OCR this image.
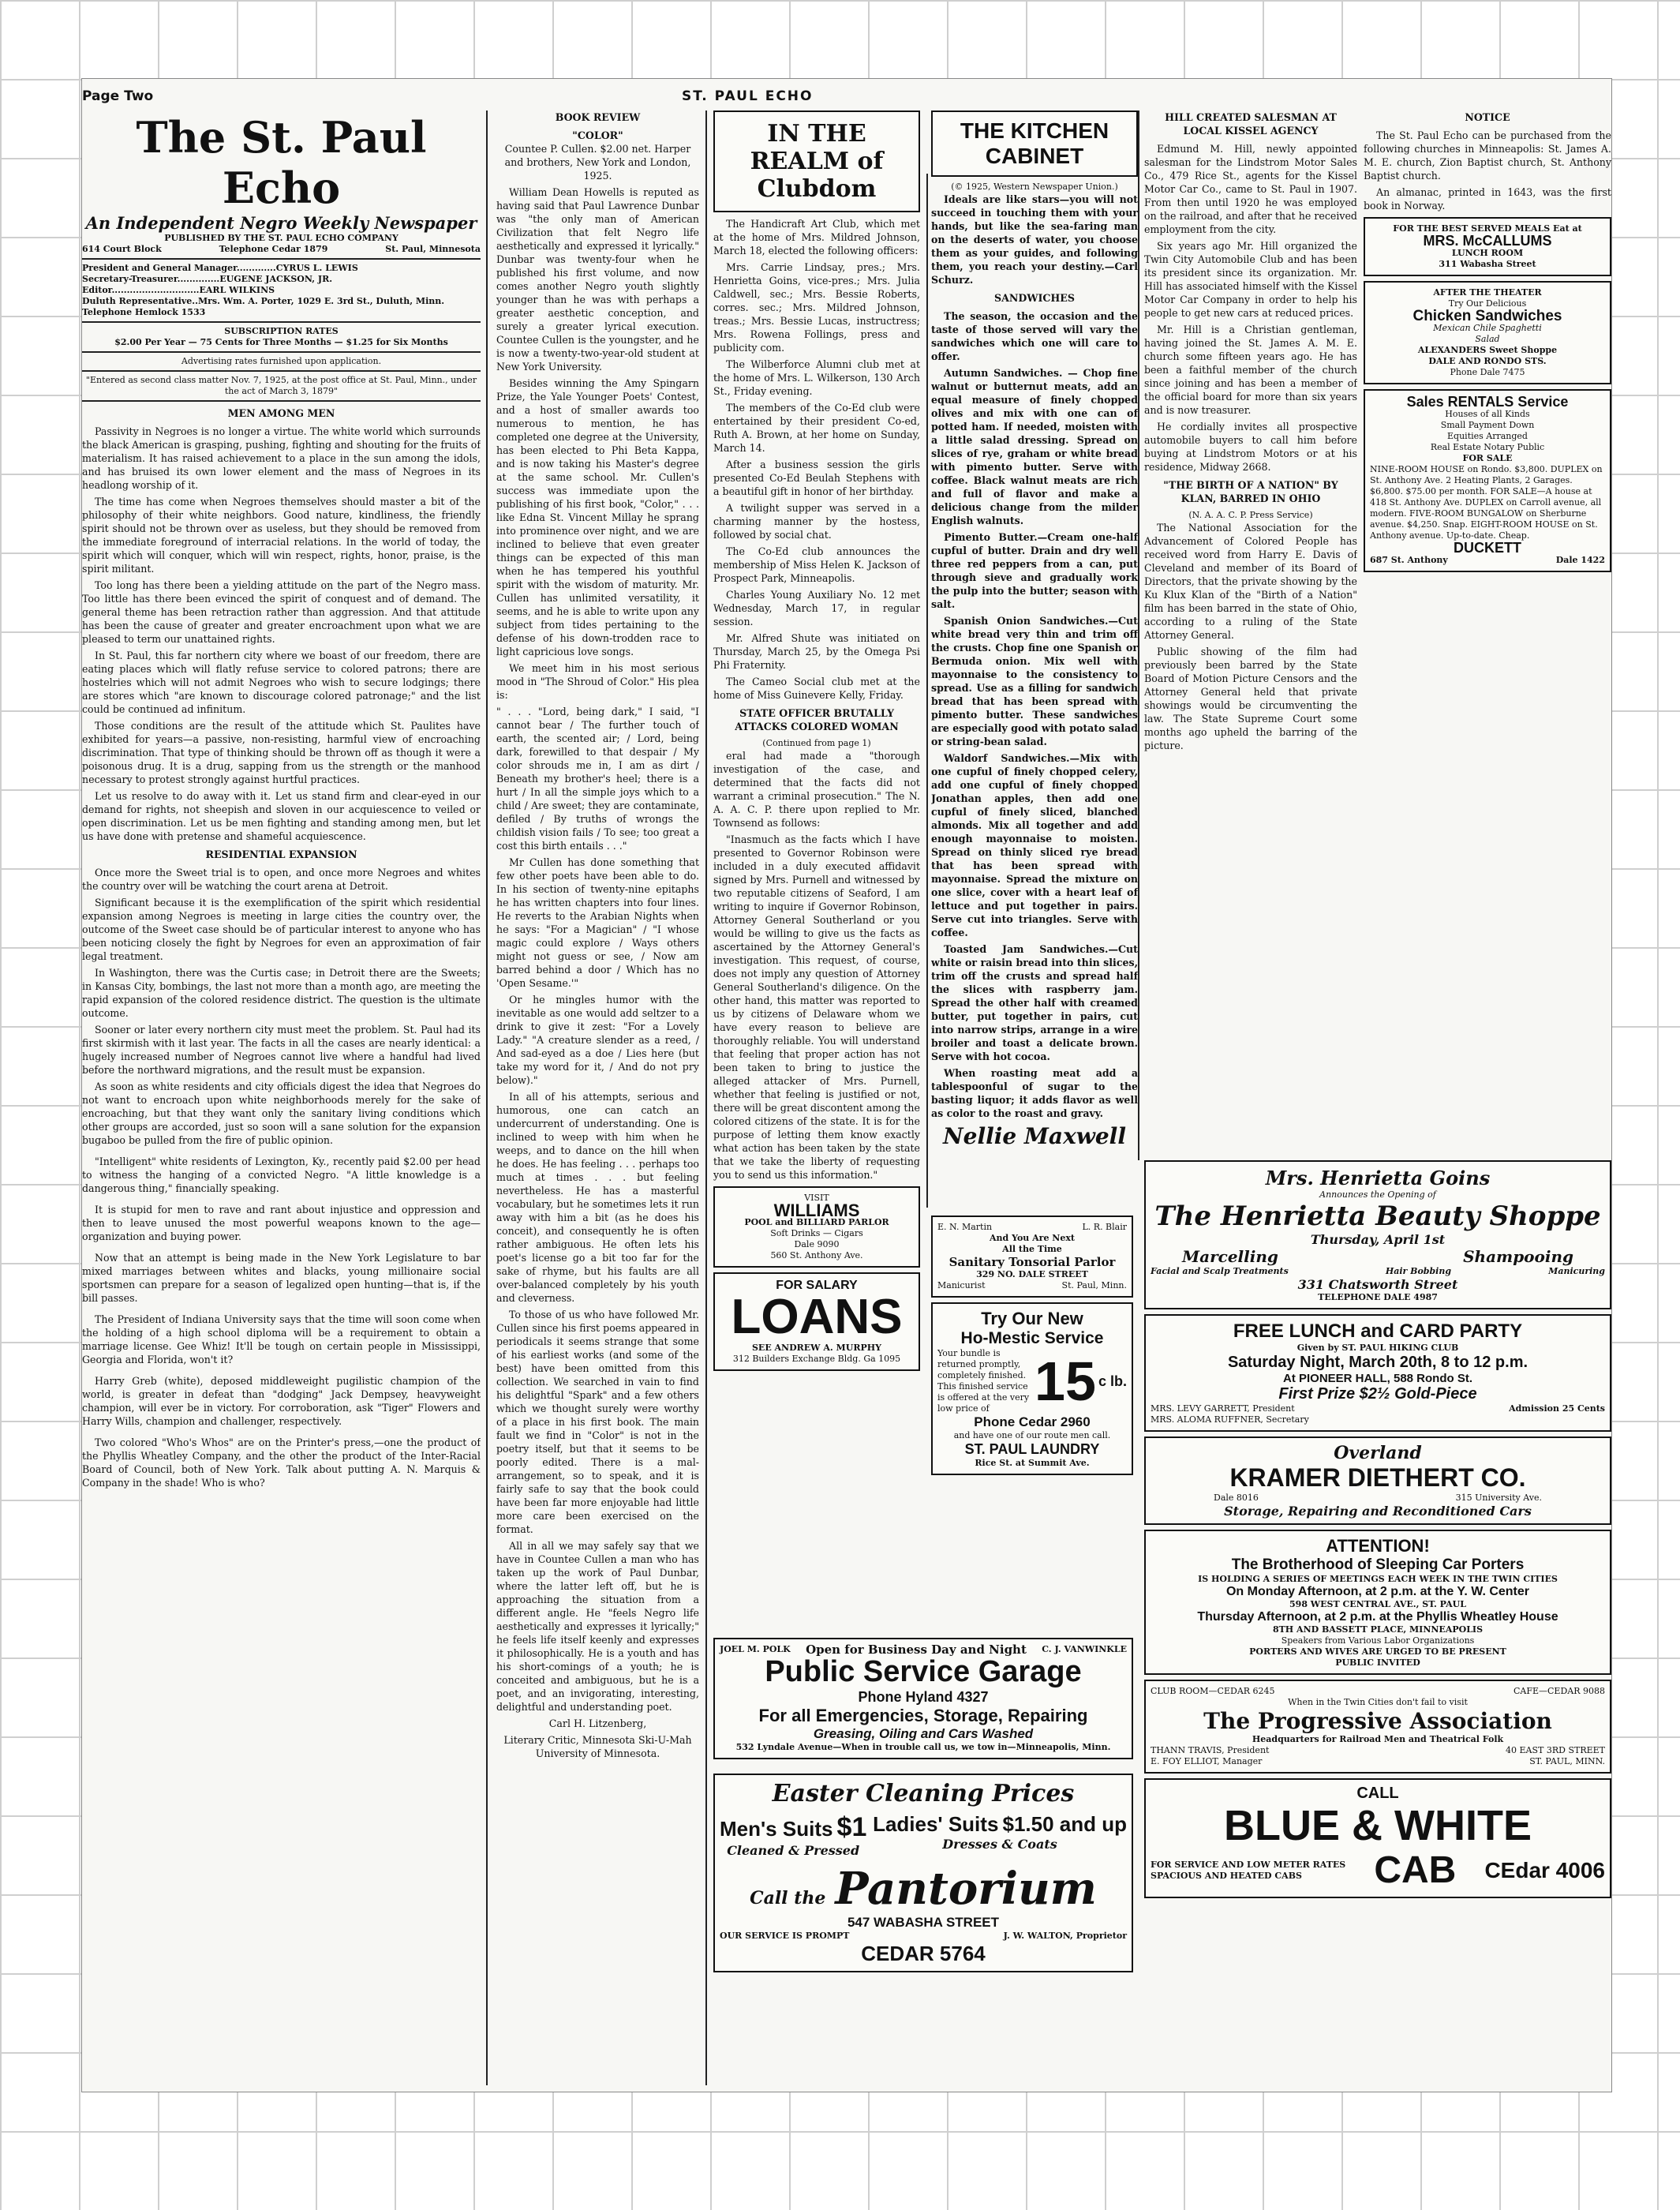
Page Two	ST. PAUL ECHO
The St. Paul Echo
An Independent Negro Weekly Newspaper
PUBLISHED BY THE ST. PAUL ECHO COMPANY
614 Court Block	Telephone Cedar 1879	St. Paul, Minnesota
President and General Manager.............CYRUS L. LEWIS
Secretary-Treasurer..............EUGENE JACKSON, JR.
Editor.............................EARL WILKINS
Duluth Representative..Mrs. Wm. A. Porter, 1029 E. 3rd St., Duluth, Minn. Telephone Hemlock 1533
SUBSCRIPTION RATES
$2.00 Per Year — 75 Cents for Three Months — $1.25 for Six Months
Advertising rates furnished upon application.
"Entered as second class matter Nov. 7, 1925, at the post office at St. Paul, Minn., under the act of March 3, 1879"
MEN AMONG MEN

Passivity in Negroes is no longer a virtue. The white world which surrounds the black American is grasping, pushing, fighting and shouting for the fruits of materialism. It has raised achievement to a place in the sun among the idols, and has bruised its own lower element and the mass of Negroes in its headlong worship of it.

The time has come when Negroes themselves should master a bit of the philosophy of their white neighbors. Good nature, kindliness, the friendly spirit should not be thrown over as useless, but they should be removed from the immediate foreground of interracial relations. In the world of today, the spirit which will conquer, which will win respect, rights, honor, praise, is the spirit militant.

Too long has there been a yielding attitude on the part of the Negro mass. Too little has there been evinced the spirit of conquest and of demand. The general theme has been retraction rather than aggression. And that attitude has been the cause of greater and greater encroachment upon what we are pleased to term our unattained rights.

In St. Paul, this far northern city where we boast of our freedom, there are eating places which will flatly refuse service to colored patrons; there are hostelries which will not admit Negroes who wish to secure lodgings; there are stores which "are known to discourage colored patronage;" and the list could be continued ad infinitum.

Those conditions are the result of the attitude which St. Paulites have exhibited for years—a passive, non-resisting, harmful view of encroaching discrimination. That type of thinking should be thrown off as though it were a poisonous drug. It is a drug, sapping from us the strength or the manhood necessary to protest strongly against hurtful practices.

Let us resolve to do away with it. Let us stand firm and clear-eyed in our demand for rights, not sheepish and sloven in our acquiescence to veiled or open discrimination. Let us be men fighting and standing among men, but let us have done with pretense and shameful acquiescence.

RESIDENTIAL EXPANSION

Once more the Sweet trial is to open, and once more Negroes and whites the country over will be watching the court arena at Detroit.

Significant because it is the exemplification of the spirit which residential expansion among Negroes is meeting in large cities the country over, the outcome of the Sweet case should be of particular interest to anyone who has been noticing closely the fight by Negroes for even an approximation of fair legal treatment.

In Washington, there was the Curtis case; in Detroit there are the Sweets; in Kansas City, bombings, the last not more than a month ago, are meeting the rapid expansion of the colored residence district. The question is the ultimate outcome.

Sooner or later every northern city must meet the problem. St. Paul had its first skirmish with it last year. The facts in all the cases are nearly identical: a hugely increased number of Negroes cannot live where a handful had lived before the northward migrations, and the result must be expansion.

As soon as white residents and city officials digest the idea that Negroes do not want to encroach upon white neighborhoods merely for the sake of encroaching, but that they want only the sanitary living conditions which other groups are accorded, just so soon will a sane solution for the expansion bugaboo be pulled from the fire of public opinion.

"Intelligent" white residents of Lexington, Ky., recently paid $2.00 per head to witness the hanging of a convicted Negro. "A little knowledge is a dangerous thing," financially speaking.

It is stupid for men to rave and rant about injustice and oppression and then to leave unused the most powerful weapons known to the age—organization and buying power.

Now that an attempt is being made in the New York Legislature to bar mixed marriages between whites and blacks, young millionaire social sportsmen can prepare for a season of legalized open hunting—that is, if the bill passes.

The President of Indiana University says that the time will soon come when the holding of a high school diploma will be a requirement to obtain a marriage license. Gee Whiz! It'll be tough on certain people in Mississippi, Georgia and Florida, won't it?

Harry Greb (white), deposed middleweight pugilistic champion of the world, is greater in defeat than "dodging" Jack Dempsey, heavyweight champion, will ever be in victory. For corroboration, ask "Tiger" Flowers and Harry Wills, champion and challenger, respectively.

Two colored "Who's Whos" are on the Printer's press,—one the product of the Phyllis Wheatley Company, and the other the product of the Inter-Racial Board of Council, both of New York. Talk about putting A. N. Marquis & Company in the shade! Who is who?

BOOK REVIEW
"COLOR"

Countee P. Cullen. $2.00 net. Harper and brothers, New York and London, 1925.

William Dean Howells is reputed as having said that Paul Lawrence Dunbar was "the only man of American Civilization that felt Negro life aesthetically and expressed it lyrically." Dunbar was twenty-four when he published his first volume, and now comes another Negro youth slightly younger than he was with perhaps a greater aesthetic conception, and surely a greater lyrical execution. Countee Cullen is the youngster, and he is now a twenty-two-year-old student at New York University.

Besides winning the Amy Spingarn Prize, the Yale Younger Poets' Contest, and a host of smaller awards too numerous to mention, he has completed one degree at the University, has been elected to Phi Beta Kappa, and is now taking his Master's degree at the same school. Mr. Cullen's success was immediate upon the publishing of his first book, "Color," . . . like Edna St. Vincent Millay he sprang into prominence over night, and we are inclined to believe that even greater things can be expected of this man when he has tempered his youthful spirit with the wisdom of maturity. Mr. Cullen has unlimited versatility, it seems, and he is able to write upon any subject from tides pertaining to the defense of his down-trodden race to light capricious love songs.

We meet him in his most serious mood in "The Shroud of Color." His plea is:

" . . . "Lord, being dark," I said, "I cannot bear / The further touch of earth, the scented air; / Lord, being dark, forewilled to that despair / My color shrouds me in, I am as dirt / Beneath my brother's heel; there is a hurt / In all the simple joys which to a child / Are sweet; they are contaminate, defiled / By truths of wrongs the childish vision fails / To see; too great a cost this birth entails . . ."

Mr Cullen has done something that few other poets have been able to do. In his section of twenty-nine epitaphs he has written chapters into four lines. He reverts to the Arabian Nights when he says: "For a Magician" / "I whose magic could explore / Ways others might not guess or see, / Now am barred behind a door / Which has no 'Open Sesame.'"

Or he mingles humor with the inevitable as one would add seltzer to a drink to give it zest: "For a Lovely Lady." "A creature slender as a reed, / And sad-eyed as a doe / Lies here (but take my word for it, / And do not pry below)."

In all of his attempts, serious and humorous, one can catch an undercurrent of understanding. One is inclined to weep with him when he weeps, and to dance on the hill when he does. He has feeling . . . perhaps too much at times . . . but feeling nevertheless. He has a masterful vocabulary, but he sometimes lets it run away with him a bit (as he does his conceit), and consequently he is often rather ambiguous. He often lets his poet's license go a bit too far for the sake of rhyme, but his faults are all over-balanced completely by his youth and cleverness.

To those of us who have followed Mr. Cullen since his first poems appeared in periodicals it seems strange that some of his earliest works (and some of the best) have been omitted from this collection. We searched in vain to find his delightful "Spark" and a few others which we thought surely were worthy of a place in his first book. The main fault we find in "Color" is not in the poetry itself, but that it seems to be poorly edited. There is a mal-arrangement, so to speak, and it is fairly safe to say that the book could have been far more enjoyable had little more care been exercised on the format.

All in all we may safely say that we have in Countee Cullen a man who has taken up the work of Paul Dunbar, where the latter left off, but he is approaching the situation from a different angle. He "feels Negro life aesthetically and expresses it lyrically;" he feels life itself keenly and expresses it philosophically. He is a youth and has his short-comings of a youth; he is conceited and ambiguous, but he is a poet, and an invigorating, interesting, delightful and understanding poet.

Carl H. Litzenberg,

Literary Critic, Minnesota Ski-U-Mah University of Minnesota.

IN THE REALM of Clubdom

The Handicraft Art Club, which met at the home of Mrs. Mildred Johnson, March 18, elected the following officers:

Mrs. Carrie Lindsay, pres.; Mrs. Henrietta Goins, vice-pres.; Mrs. Julia Caldwell, sec.; Mrs. Bessie Roberts, corres. sec.; Mrs. Mildred Johnson, treas.; Mrs. Bessie Lucas, instructress; Mrs. Rowena Follings, press and publicity com.

The Wilberforce Alumni club met at the home of Mrs. L. Wilkerson, 130 Arch St., Friday evening.

The members of the Co-Ed club were entertained by their president Co-ed, Ruth A. Brown, at her home on Sunday, March 14.

After a business session the girls presented Co-Ed Beulah Stephens with a beautiful gift in honor of her birthday.

A twilight supper was served in a charming manner by the hostess, followed by social chat.

The Co-Ed club announces the membership of Miss Helen K. Jackson of Prospect Park, Minneapolis.

Charles Young Auxiliary No. 12 met Wednesday, March 17, in regular session.

Mr. Alfred Shute was initiated on Thursday, March 25, by the Omega Psi Phi Fraternity.

The Cameo Social club met at the home of Miss Guinevere Kelly, Friday.

STATE OFFICER BRUTALLY ATTACKS COLORED WOMAN
(Continued from page 1)

eral had made a "thorough investigation of the case, and determined that the facts did not warrant a criminal prosecution." The N. A. A. C. P. there upon replied to Mr. Townsend as follows:

"Inasmuch as the facts which I have presented to Governor Robinson were included in a duly executed affidavit signed by Mrs. Purnell and witnessed by two reputable citizens of Seaford, I am writing to inquire if Governor Robinson, Attorney General Southerland or you would be willing to give us the facts as ascertained by the Attorney General's investigation. This request, of course, does not imply any question of Attorney General Southerland's diligence. On the other hand, this matter was reported to us by citizens of Delaware whom we have every reason to believe are thoroughly reliable. You will understand that feeling that proper action has not been taken to bring to justice the alleged attacker of Mrs. Purnell, whether that feeling is justified or not, there will be great discontent among the colored citizens of the state. It is for the purpose of letting them know exactly what action has been taken by the state that we take the liberty of requesting you to send us this information."

VISIT
WILLIAMS
POOL and BILLIARD PARLOR
Soft Drinks — Cigars
Dale 9090
560 St. Anthony Ave.
FOR SALARY
LOANS
SEE ANDREW A. MURPHY
312 Builders Exchange Bldg. Ga 1095
THE KITCHEN CABINET
(© 1925, Western Newspaper Union.)

Ideals are like stars—you will not succeed in touching them with your hands, but like the sea-faring man on the deserts of water, you choose them as your guides, and following them, you reach your destiny.—Carl Schurz.

SANDWICHES

The season, the occasion and the taste of those served will vary the sandwiches which one will care to offer.

Autumn Sandwiches. — Chop fine walnut or butternut meats, add an equal measure of finely chopped olives and mix with one can of potted ham. If needed, moisten with a little salad dressing. Spread on slices of rye, graham or white bread with pimento butter. Serve with coffee. Black walnut meats are rich and full of flavor and make a delicious change from the milder English walnuts.

Pimento Butter.—Cream one-half cupful of butter. Drain and dry well three red peppers from a can, put through sieve and gradually work the pulp into the butter; season with salt.

Spanish Onion Sandwiches.—Cut white bread very thin and trim off the crusts. Chop fine one Spanish or Bermuda onion. Mix well with mayonnaise to the consistency to spread. Use as a filling for sandwich bread that has been spread with pimento butter. These sandwiches are especially good with potato salad or string-bean salad.

Waldorf Sandwiches.—Mix with one cupful of finely chopped celery, add one cupful of finely chopped Jonathan apples, then add one cupful of finely sliced, blanched almonds. Mix all together and add enough mayonnaise to moisten. Spread on thinly sliced rye bread that has been spread with mayonnaise. Spread the mixture on one slice, cover with a heart leaf of lettuce and put together in pairs. Serve cut into triangles. Serve with coffee.

Toasted Jam Sandwiches.—Cut white or raisin bread into thin slices, trim off the crusts and spread half the slices with raspberry jam. Spread the other half with creamed butter, put together in pairs, cut into narrow strips, arrange in a wire broiler and toast a delicate brown. Serve with hot cocoa.

When roasting meat add a tablespoonful of sugar to the basting liquor; it adds flavor as well as color to the roast and gravy.

Nellie Maxwell
HILL CREATED SALESMAN AT LOCAL KISSEL AGENCY

Edmund M. Hill, newly appointed salesman for the Lindstrom Motor Sales Co., 479 Rice St., agents for the Kissel Motor Car Co., came to St. Paul in 1907. From then until 1920 he was employed on the railroad, and after that he received employment from the city.

Six years ago Mr. Hill organized the Twin City Automobile Club and has been its president since its organization. Mr. Hill has associated himself with the Kissel Motor Car Company in order to help his people to get new cars at reduced prices.

Mr. Hill is a Christian gentleman, having joined the St. James A. M. E. church some fifteen years ago. He has been a faithful member of the church since joining and has been a member of the official board for more than six years and is now treasurer.

He cordially invites all prospective automobile buyers to call him before buying at Lindstrom Motors or at his residence, Midway 2668.

"THE BIRTH OF A NATION" BY KLAN, BARRED IN OHIO
(N. A. A. C. P. Press Service)

The National Association for the Advancement of Colored People has received word from Harry E. Davis of Cleveland and member of its Board of Directors, that the private showing by the Ku Klux Klan of the "Birth of a Nation" film has been barred in the state of Ohio, according to a ruling of the State Attorney General.

Public showing of the film had previously been barred by the State Board of Motion Picture Censors and the Attorney General held that private showings would be circumventing the law. The State Supreme Court some months ago upheld the barring of the picture.

NOTICE

The St. Paul Echo can be purchased from the following churches in Minneapolis: St. James A. M. E. church, Zion Baptist church, St. Anthony Baptist church.

An almanac, printed in 1643, was the first book in Norway.

FOR THE BEST SERVED MEALS Eat at
MRS. McCALLUMS
LUNCH ROOM
311 Wabasha Street
AFTER THE THEATER
Try Our Delicious
Chicken Sandwiches
Mexican Chile Spaghetti
Salad
ALEXANDERS Sweet Shoppe
DALE AND RONDO STS.
Phone Dale 7475
Sales RENTALS Service
Houses of all Kinds
Small Payment Down
Equities Arranged
Real Estate Notary Public
FOR SALE
NINE-ROOM HOUSE on Rondo. $3,800. DUPLEX on St. Anthony Ave. 2 Heating Plants, 2 Garages. $6,800. $75.00 per month. FOR SALE—A house at 418 St. Anthony Ave. DUPLEX on Carroll avenue, all modern. FIVE-ROOM BUNGALOW on Sherburne avenue. $4,250. Snap. EIGHT-ROOM HOUSE on St. Anthony avenue. Up-to-date. Cheap.
DUCKETT
687 St. Anthony	Dale 1422
Mrs. Henrietta Goins
Announces the Opening of
The Henrietta Beauty Shoppe
Thursday, April 1st
Marcelling	Shampooing
Facial and Scalp Treatments	Hair Bobbing	Manicuring
331 Chatsworth Street
TELEPHONE DALE 4987
FREE LUNCH and CARD PARTY
Given by ST. PAUL HIKING CLUB
Saturday Night, March 20th, 8 to 12 p.m.
At PIONEER HALL, 588 Rondo St.
First Prize $2½ Gold-Piece
MRS. LEVY GARRETT, President	Admission 25 Cents
MRS. ALOMA RUFFNER, Secretary
Overland
KRAMER DIETHERT CO.
Dale 8016	315 University Ave.
Storage, Repairing and Reconditioned Cars
ATTENTION!
The Brotherhood of Sleeping Car Porters
IS HOLDING A SERIES OF MEETINGS EACH WEEK IN THE TWIN CITIES
On Monday Afternoon, at 2 p.m. at the Y. W. Center
598 WEST CENTRAL AVE., ST. PAUL
Thursday Afternoon, at 2 p.m. at the Phyllis Wheatley House
8TH AND BASSETT PLACE, MINNEAPOLIS
Speakers from Various Labor Organizations
PORTERS AND WIVES ARE URGED TO BE PRESENT
PUBLIC INVITED
CLUB ROOM—CEDAR 6245	CAFE—CEDAR 9088
When in the Twin Cities don't fail to visit
The Progressive Association
Headquarters for Railroad Men and Theatrical Folk
THANN TRAVIS, President	40 EAST 3RD STREET
E. FOY ELLIOT, Manager	ST. PAUL, MINN.
CALL
BLUE & WHITE
FOR SERVICE AND LOW METER RATES
SPACIOUS AND HEATED CABS	CAB CEdar 4006
E. N. Martin	L. R. Blair
And You Are Next
All the Time
Sanitary Tonsorial Parlor
329 NO. DALE STREET
Manicurist	St. Paul, Minn.
Try Our New
Ho-Mestic Service
Your bundle is returned promptly, completely finished. This finished service is offered at the very low price of 15 c lb.
Phone Cedar 2960
and have one of our route men call.
ST. PAUL LAUNDRY
Rice St. at Summit Ave.
JOEL M. POLK Open for Business Day and Night C. J. VANWINKLE
Public Service Garage
Phone Hyland 4327
For all Emergencies, Storage, Repairing
Greasing, Oiling and Cars Washed
532 Lyndale Avenue—When in trouble call us, we tow in—Minneapolis, Minn.
Easter Cleaning Prices
Men's Suits $1
Cleaned & Pressed
Ladies' Suits $1.50 and up
Dresses & Coats
Call the Pantorium
547 WABASHA STREET
OUR SERVICE IS PROMPT	J. W. WALTON, Proprietor
CEDAR 5764
